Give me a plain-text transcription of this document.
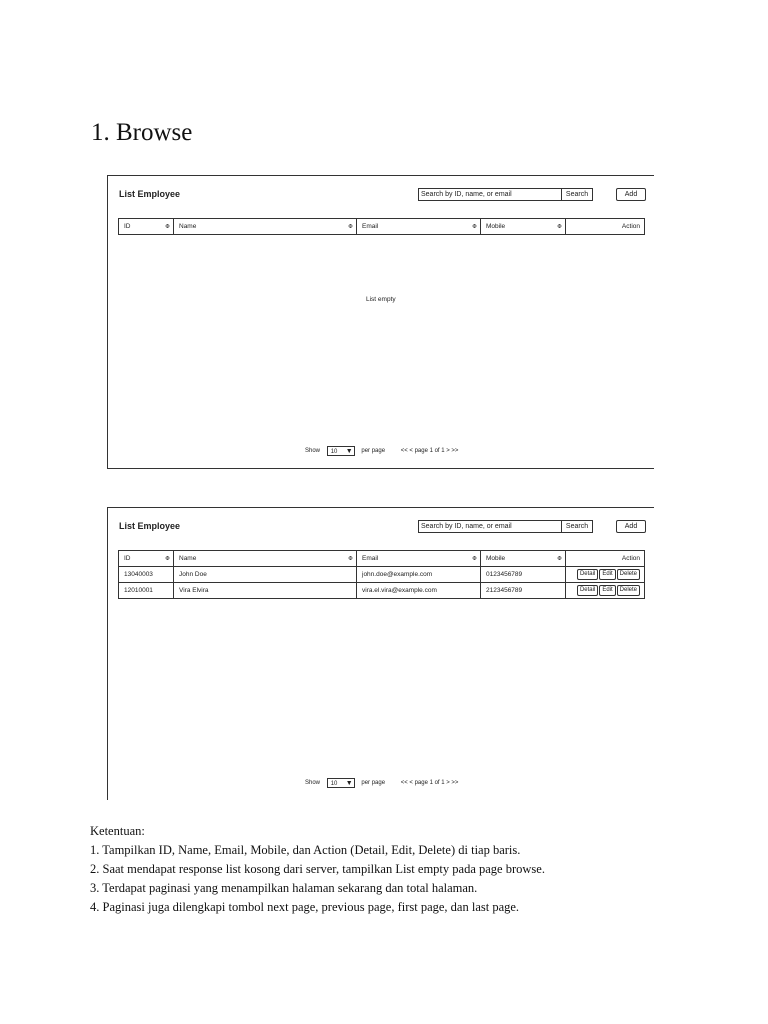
1. Browse
List Employee	Search by ID, name, or email	Search	Add
ID	Name	Email	Mobile	Action
List empty
Show 10 ▼ per page	<< < page 1 of 1 > >>
List Employee	Search by ID, name, or email	Search	Add
ID	Name	Email	Mobile	Action
13040003	John Doe	john.doe@example.com	0123456789	Detail Edit Delete
12010001	Vira Elvira	vira.el.vira@example.com	2123456789	Detail Edit Delete
Show 10 ▼ per page	<< < page 1 of 1 > >>
Ketentuan:
1. Tampilkan ID, Name, Email, Mobile, dan Action (Detail, Edit, Delete) di tiap baris.
2. Saat mendapat response list kosong dari server, tampilkan List empty pada page browse.
3. Terdapat paginasi yang menampilkan halaman sekarang dan total halaman.
4. Paginasi juga dilengkapi tombol next page, previous page, first page, dan last page.
